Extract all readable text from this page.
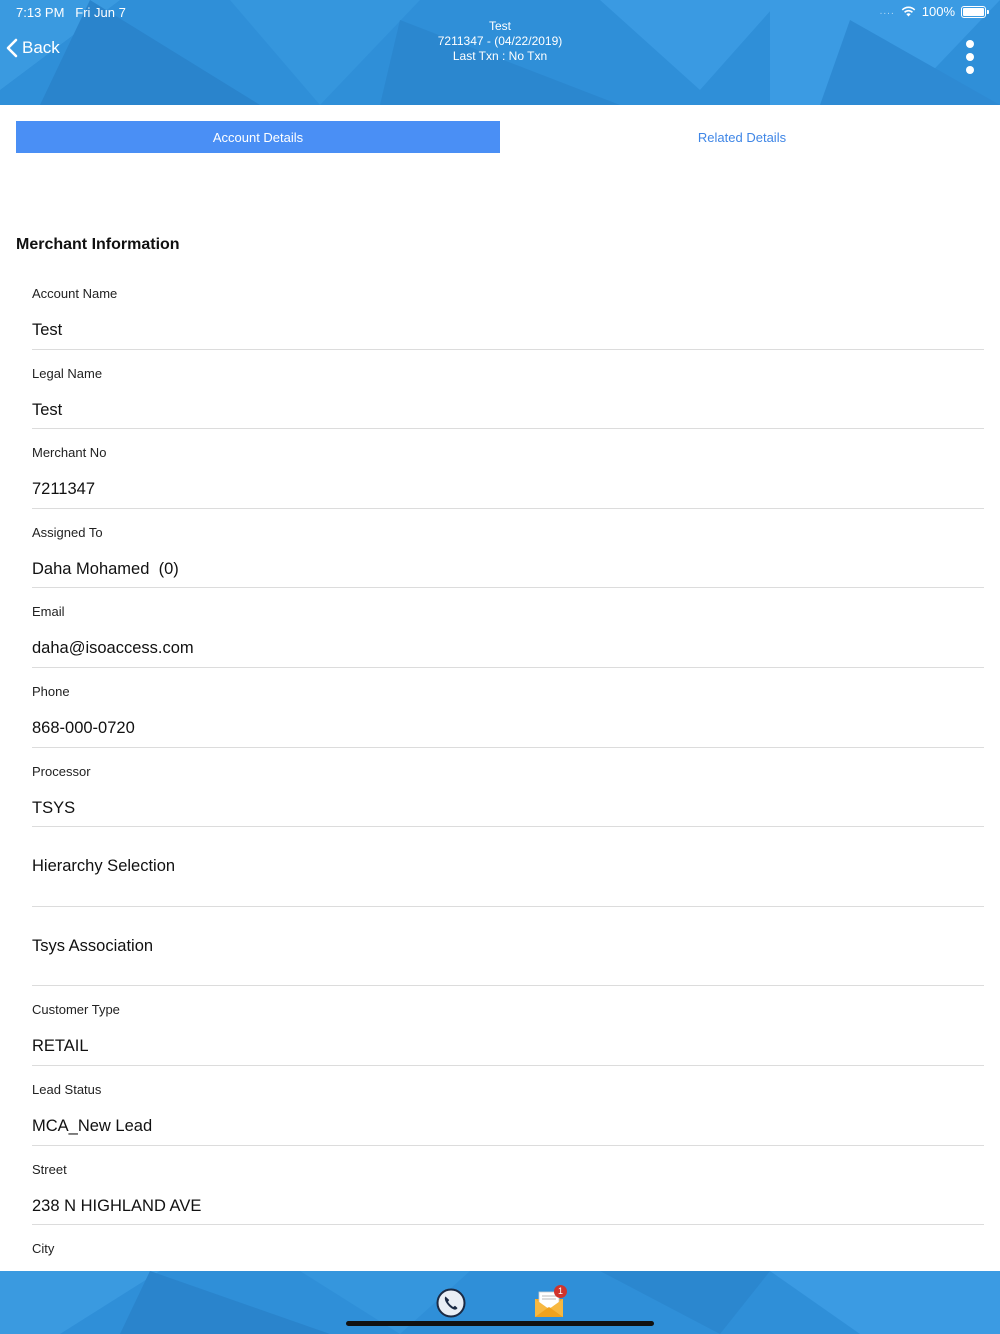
7:13 PM Fri Jun 7	.... 100%
Back
Test
7211347 - (04/22/2019)
Last Txn : No Txn
Account Details	Related Details
Merchant Information
Account Name
Test
Legal Name
Test
Merchant No
7211347
Assigned To
Daha Mohamed  (0)
Email
daha@isoaccess.com
Phone
868-000-0720
Processor
TSYS
Hierarchy Selection
Tsys Association
Customer Type
RETAIL
Lead Status
MCA_New Lead
Street
238 N HIGHLAND AVE
City
1
